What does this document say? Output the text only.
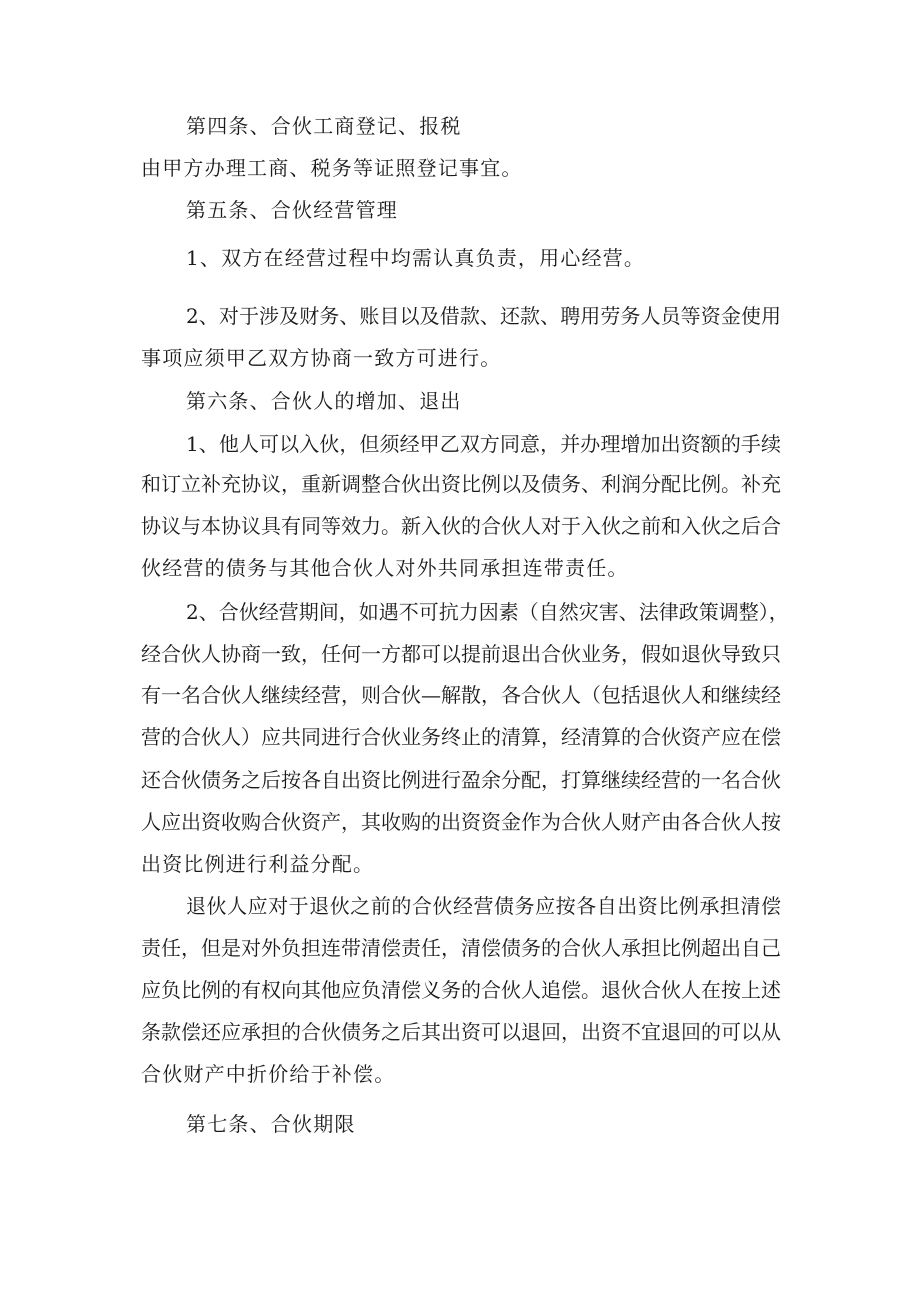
第四条、合伙工商登记、报税
由甲方办理工商、税务等证照登记事宜。
第五条、合伙经营管理
1、双方在经营过程中均需认真负责，用心经营。
2、对于涉及财务、账目以及借款、还款、聘用劳务人员等资金使用
事项应须甲乙双方协商一致方可进行。
第六条、合伙人的增加、退出
1、他人可以入伙，但须经甲乙双方同意，并办理增加出资额的手续
和订立补充协议，重新调整合伙出资比例以及债务、利润分配比例。补充
协议与本协议具有同等效力。新入伙的合伙人对于入伙之前和入伙之后合
伙经营的债务与其他合伙人对外共同承担连带责任。
2、合伙经营期间，如遇不可抗力因素（自然灾害、法律政策调整），
经合伙人协商一致，任何一方都可以提前退出合伙业务，假如退伙导致只
有一名合伙人继续经营，则合伙—解散，各合伙人（包括退伙人和继续经
营的合伙人）应共同进行合伙业务终止的清算，经清算的合伙资产应在偿
还合伙债务之后按各自出资比例进行盈余分配，打算继续经营的一名合伙
人应出资收购合伙资产，其收购的出资资金作为合伙人财产由各合伙人按
出资比例进行利益分配。
退伙人应对于退伙之前的合伙经营债务应按各自出资比例承担清偿
责任，但是对外负担连带清偿责任，清偿债务的合伙人承担比例超出自己
应负比例的有权向其他应负清偿义务的合伙人追偿。退伙合伙人在按上述
条款偿还应承担的合伙债务之后其出资可以退回，出资不宜退回的可以从
合伙财产中折价给于补偿。
第七条、合伙期限
